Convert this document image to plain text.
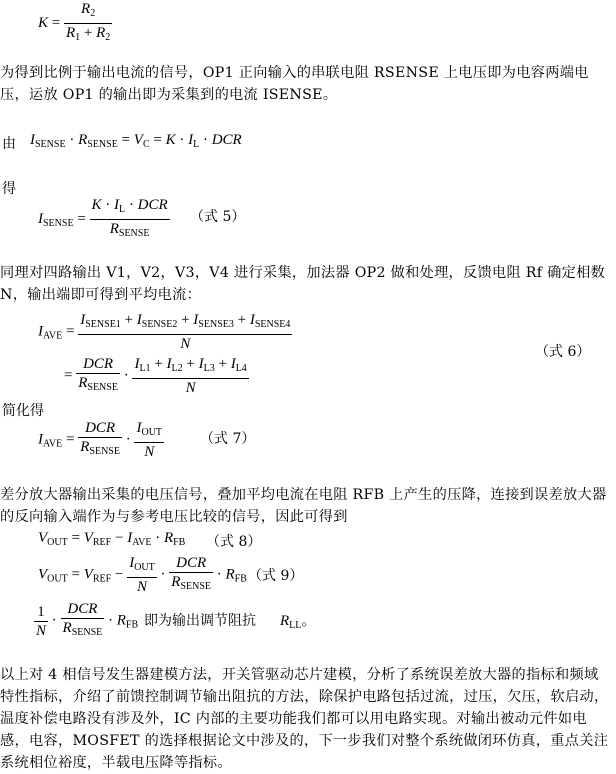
$K = \frac{R_2}{R_1 + R_2}$
为得到比例于输出电流的信号，OP1 正向输入的串联电阻 RSENSE 上电压即为电容两端电压，运放 OP1 的输出即为采集到的电流 ISENSE。
由 $I_{SENSE} \cdot R_{SENSE} = V_C = K \cdot I_L$ · DCR
得
$I_{SENSE} = \frac{K \cdot I_L \cdot DCR}{R_{SENSE}}$ （式 5）
同理对四路输出 V1，V2，V3，V4 进行采集，加法器 OP2 做和处理，反馈电阻 Rf 确定相数 N，输出端即可得到平均电流：
$I_{AVE} = \frac{I_{SENSE1} + I_{SENSE2} + I_{SENSE3} + I_{SENSE4}}{N}$
= $\frac{\text{DCR}}{R_{SENSE}} \cdot \frac{I_{L1} + I_{L2} + I_{L3} + I_{L4}}{N}$
（式 6）
简化得
$I_{AVE} = \frac{\text{DCR}}{R_{SENSE}} \cdot \frac{I_{OUT}}{N}$	（式 7）
差分放大器输出采集的电压信号，叠加平均电流在电阻 RFB 上产生的压降，连接到误差放大器的反向输入端作为与参考电压比较的信号，因此可得到
$V_{OUT} = V_{REF} - I_{AVE} \cdot R_{FB}$ （式 8）
$V_{OUT} = V_{REF} - \frac{I_{OUT}}{N} \cdot \frac{\text{DCR}}{R_{SENSE}} \cdot R_{FB}$ （式 9）
$\frac{1}{N} \cdot \frac{\text{DCR}}{R_{SENSE}} \cdot R_{FB}$ 即为输出调节阻抗 $R_{LL}$。
以上对 4 相信号发生器建模方法，开关管驱动芯片建模，分析了系统误差放大器的指标和频域特性指标，介绍了前馈控制调节输出阻抗的方法，除保护电路包括过流，过压，欠压，软启动，温度补偿电路没有涉及外，IC 内部的主要功能我们都可以用电路实现。对输出被动元件如电感，电容，MOSFET 的选择根据论文中涉及的，下一步我们对整个系统做闭环仿真，重点关注系统相位裕度，半载电压降等指标。
